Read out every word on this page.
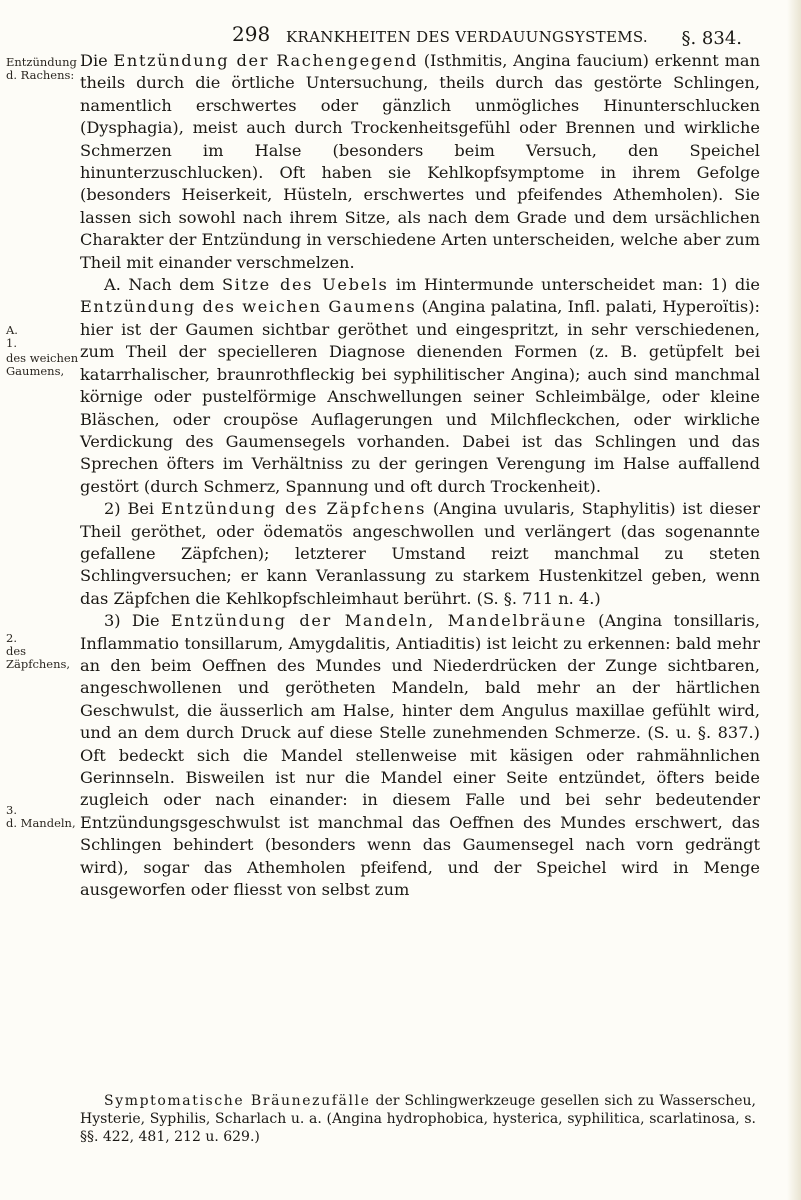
298 KRANKHEITEN DES VERDAUUNGSYSTEMS. §. 834.
Entzündung
d. Rachens:
A.
1.
des weichen
Gaumens,
2.
des
Zäpfchens,
3.
d. Mandeln,

Die Entzündung der Rachengegend (Isthmitis, Angina faucium) erkennt man theils durch die örtliche Untersuchung, theils durch das gestörte Schlingen, namentlich erschwertes oder gänzlich unmögliches Hinunterschlucken (Dysphagia), meist auch durch Trockenheitsgefühl oder Brennen und wirkliche Schmerzen im Halse (besonders beim Versuch, den Speichel hinunterzuschlucken). Oft haben sie Kehlkopfsymptome in ihrem Gefolge (besonders Heiserkeit, Hüsteln, erschwertes und pfeifendes Athemholen). Sie lassen sich sowohl nach ihrem Sitze, als nach dem Grade und dem ursächlichen Charakter der Entzündung in verschiedene Arten unterscheiden, welche aber zum Theil mit einander verschmelzen.

A. Nach dem Sitze des Uebels im Hintermunde unterscheidet man: 1) die Entzündung des weichen Gaumens (Angina palatina, Infl. palati, Hyperoïtis): hier ist der Gaumen sichtbar geröthet und eingespritzt, in sehr verschiedenen, zum Theil der specielleren Diagnose dienenden Formen (z. B. getüpfelt bei katarrhalischer, braunrothfleckig bei syphilitischer Angina); auch sind manchmal körnige oder pustelförmige Anschwellungen seiner Schleimbälge, oder kleine Bläschen, oder croupöse Auflagerungen und Milchfleckchen, oder wirkliche Verdickung des Gaumensegels vorhanden. Dabei ist das Schlingen und das Sprechen öfters im Verhältniss zu der geringen Verengung im Halse auffallend gestört (durch Schmerz, Spannung und oft durch Trockenheit).

2) Bei Entzündung des Zäpfchens (Angina uvularis, Staphylitis) ist dieser Theil geröthet, oder ödematös angeschwollen und verlängert (das sogenannte gefallene Zäpfchen); letzterer Umstand reizt manchmal zu steten Schlingversuchen; er kann Veranlassung zu starkem Hustenkitzel geben, wenn das Zäpfchen die Kehlkopfschleimhaut berührt. (S. §. 711 n. 4.)

3) Die Entzündung der Mandeln, Mandelbräune (Angina tonsillaris, Inflammatio tonsillarum, Amygdalitis, Antiaditis) ist leicht zu erkennen: bald mehr an den beim Oeffnen des Mundes und Niederdrücken der Zunge sichtbaren, angeschwollenen und gerötheten Mandeln, bald mehr an der härtlichen Geschwulst, die äusserlich am Halse, hinter dem Angulus maxillae gefühlt wird, und an dem durch Druck auf diese Stelle zunehmenden Schmerze. (S. u. §. 837.) Oft bedeckt sich die Mandel stellenweise mit käsigen oder rahmähnlichen Gerinnseln. Bisweilen ist nur die Mandel einer Seite entzündet, öfters beide zugleich oder nach einander: in diesem Falle und bei sehr bedeutender Entzündungsgeschwulst ist manchmal das Oeffnen des Mundes erschwert, das Schlingen behindert (besonders wenn das Gaumensegel nach vorn gedrängt wird), sogar das Athemholen pfeifend, und der Speichel wird in Menge ausgeworfen oder fliesst von selbst zum

Symptomatische Bräunezufälle der Schlingwerkzeuge gesellen sich zu Wasserscheu, Hysterie, Syphilis, Scharlach u. a. (Angina hydrophobica, hysterica, syphilitica, scarlatinosa, s. §§. 422, 481, 212 u. 629.)
